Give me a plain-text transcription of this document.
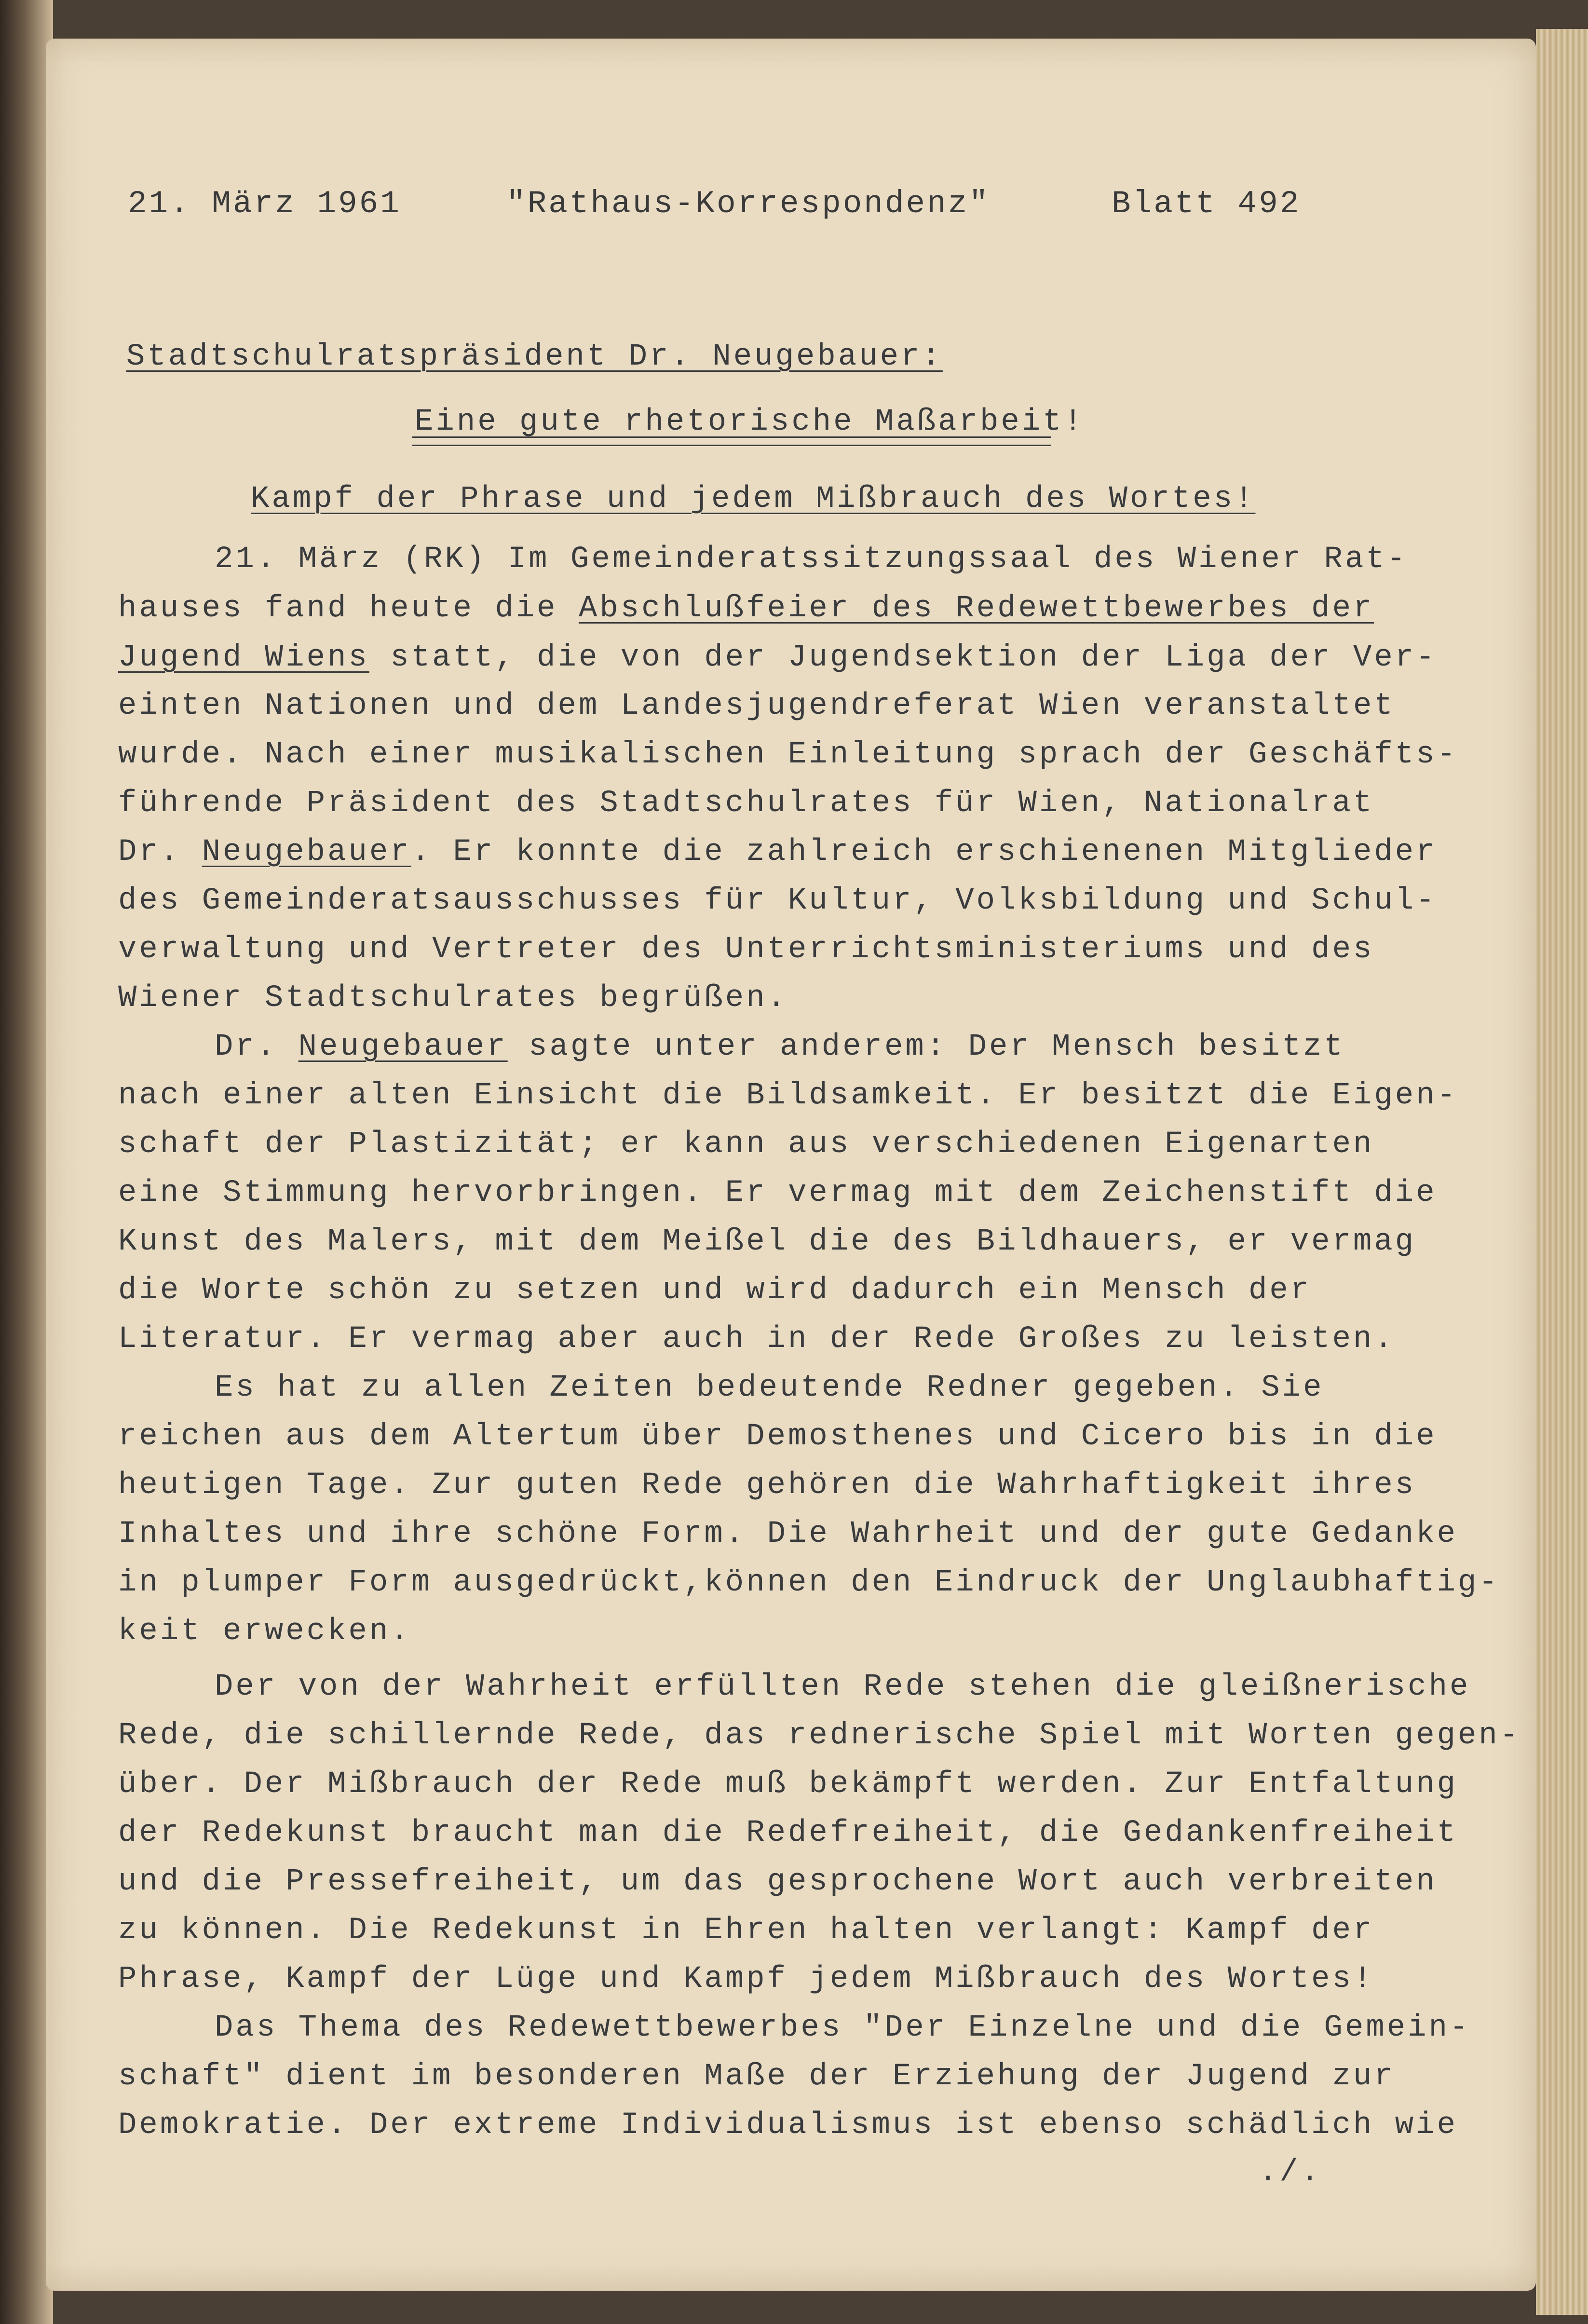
21. März 1961	"Rathaus-Korrespondenz"	Blatt 492
Stadtschulratspräsident Dr. Neugebauer:
Eine gute rhetorische Maßarbeit!
Kampf der Phrase und jedem Mißbrauch des Wortes!
21. März (RK) Im Gemeinderatssitzungssaal des Wiener Rat-
hauses fand heute die Abschlußfeier des Redewettbewerbes der
Jugend Wiens statt, die von der Jugendsektion der Liga der Ver-
einten Nationen und dem Landesjugendreferat Wien veranstaltet
wurde. Nach einer musikalischen Einleitung sprach der Geschäfts-
führende Präsident des Stadtschulrates für Wien, Nationalrat
Dr. Neugebauer. Er konnte die zahlreich erschienenen Mitglieder
des Gemeinderatsausschusses für Kultur, Volksbildung und Schul-
verwaltung und Vertreter des Unterrichtsministeriums und des
Wiener Stadtschulrates begrüßen.
Dr. Neugebauer sagte unter anderem: Der Mensch besitzt
nach einer alten Einsicht die Bildsamkeit. Er besitzt die Eigen-
schaft der Plastizität; er kann aus verschiedenen Eigenarten
eine Stimmung hervorbringen. Er vermag mit dem Zeichenstift die
Kunst des Malers, mit dem Meißel die des Bildhauers, er vermag
die Worte schön zu setzen und wird dadurch ein Mensch der
Literatur. Er vermag aber auch in der Rede Großes zu leisten.
Es hat zu allen Zeiten bedeutende Redner gegeben. Sie
reichen aus dem Altertum über Demosthenes und Cicero bis in die
heutigen Tage. Zur guten Rede gehören die Wahrhaftigkeit ihres
Inhaltes und ihre schöne Form. Die Wahrheit und der gute Gedanke
in plumper Form ausgedrückt,können den Eindruck der Unglaubhaftig-
keit erwecken.
Der von der Wahrheit erfüllten Rede stehen die gleißnerische
Rede, die schillernde Rede, das rednerische Spiel mit Worten gegen-
über. Der Mißbrauch der Rede muß bekämpft werden. Zur Entfaltung
der Redekunst braucht man die Redefreiheit, die Gedankenfreiheit
und die Pressefreiheit, um das gesprochene Wort auch verbreiten
zu können. Die Redekunst in Ehren halten verlangt: Kampf der
Phrase, Kampf der Lüge und Kampf jedem Mißbrauch des Wortes!
Das Thema des Redewettbewerbes "Der Einzelne und die Gemein-
schaft" dient im besonderen Maße der Erziehung der Jugend zur
Demokratie. Der extreme Individualismus ist ebenso schädlich wie
./.
